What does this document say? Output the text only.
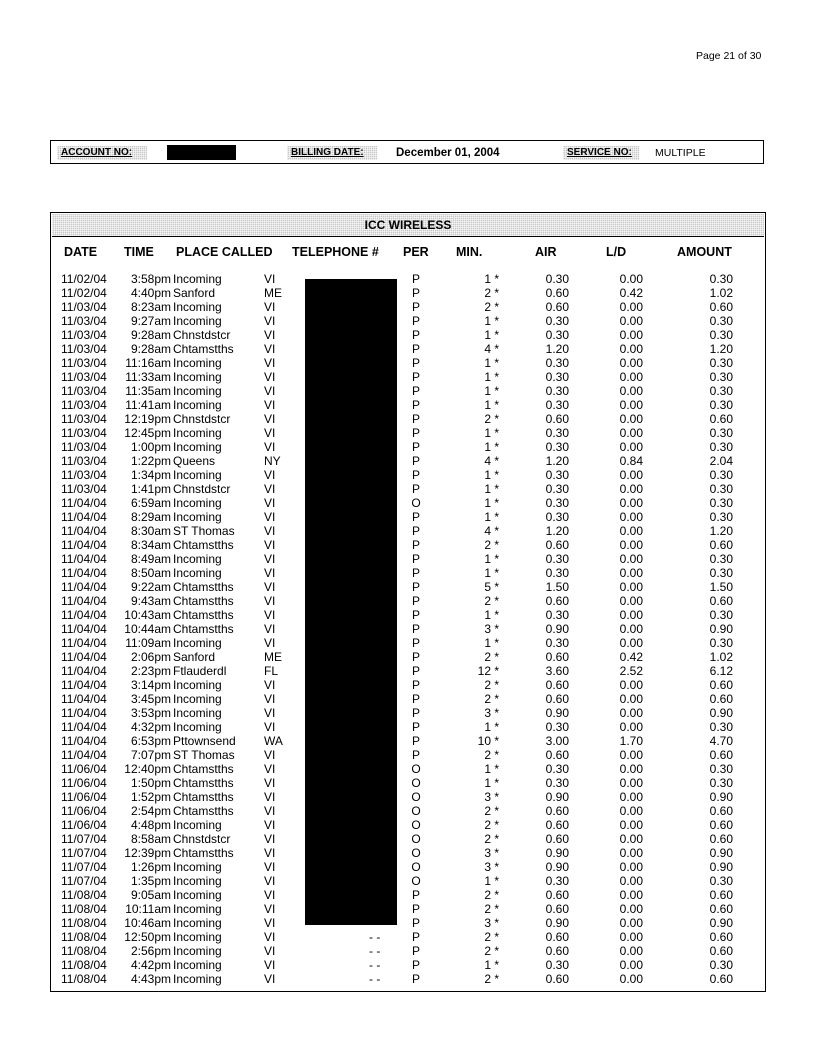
Page 21 of 30
ACCOUNT NO:	BILLING DATE:	December 01, 2004	SERVICE NO:	MULTIPLE
ICC WIRELESS
DATE TIME PLACE CALLED TELEPHONE # PER MIN.	AIR	L/D	AMOUNT
11/02/04	3:58pm Incoming	VI	P	1 *	0.30	0.00	0.30
11/02/04	4:40pm Sanford	ME	P	2 *	0.60	0.42	1.02
11/03/04	8:23am Incoming	VI	P	2 *	0.60	0.00	0.60
11/03/04	9:27am Incoming	VI	P	1 *	0.30	0.00	0.30
11/03/04	9:28am Chnstdstcr	VI	P	1 *	0.30	0.00	0.30
11/03/04	9:28am Chtamstths	VI	P	4 *	1.20	0.00	1.20
11/03/04	11:16am Incoming	VI	P	1 *	0.30	0.00	0.30
11/03/04	11:33am Incoming	VI	P	1 *	0.30	0.00	0.30
11/03/04	11:35am Incoming	VI	P	1 *	0.30	0.00	0.30
11/03/04	11:41am Incoming	VI	P	1 *	0.30	0.00	0.30
11/03/04 12:19pm Chnstdstcr	VI	P	2 *	0.60	0.00	0.60
11/03/04 12:45pm Incoming	VI	P	1 *	0.30	0.00	0.30
11/03/04	1:00pm Incoming	VI	P	1 *	0.30	0.00	0.30
11/03/04	1:22pm Queens	NY	P	4 *	1.20	0.84	2.04
11/03/04	1:34pm Incoming	VI	P	1 *	0.30	0.00	0.30
11/03/04	1:41pm Chnstdstcr	VI	P	1 *	0.30	0.00	0.30
11/04/04	6:59am Incoming	VI	O	1 *	0.30	0.00	0.30
11/04/04	8:29am Incoming	VI	P	1 *	0.30	0.00	0.30
11/04/04	8:30am ST Thomas VI	P	4 *	1.20	0.00	1.20
11/04/04	8:34am Chtamstths	VI	P	2 *	0.60	0.00	0.60
11/04/04	8:49am Incoming	VI	P	1 *	0.30	0.00	0.30
11/04/04	8:50am Incoming	VI	P	1 *	0.30	0.00	0.30
11/04/04	9:22am Chtamstths	VI	P	5 *	1.50	0.00	1.50
11/04/04	9:43am Chtamstths	VI	P	2 *	0.60	0.00	0.60
11/04/04 10:43am Chtamstths	VI	P	1 *	0.30	0.00	0.30
11/04/04 10:44am Chtamstths	VI	P	3 *	0.90	0.00	0.90
11/04/04	11:09am Incoming	VI	P	1 *	0.30	0.00	0.30
11/04/04	2:06pm Sanford	ME	P	2 *	0.60	0.42	1.02
11/04/04	2:23pm Ftlauderdl	FL	P	12 *	3.60	2.52	6.12
11/04/04	3:14pm Incoming	VI	P	2 *	0.60	0.00	0.60
11/04/04	3:45pm Incoming	VI	P	2 *	0.60	0.00	0.60
11/04/04	3:53pm Incoming	VI	P	3 *	0.90	0.00	0.90
11/04/04	4:32pm Incoming	VI	P	1 *	0.30	0.00	0.30
11/04/04	6:53pm Pttownsend WA	P	10 *	3.00	1.70	4.70
11/04/04	7:07pm ST Thomas VI	P	2 *	0.60	0.00	0.60
11/06/04 12:40pm Chtamstths	VI	O	1 *	0.30	0.00	0.30
11/06/04	1:50pm Chtamstths	VI	O	1 *	0.30	0.00	0.30
11/06/04	1:52pm Chtamstths	VI	O	3 *	0.90	0.00	0.90
11/06/04	2:54pm Chtamstths	VI	O	2 *	0.60	0.00	0.60
11/06/04	4:48pm Incoming	VI	O	2 *	0.60	0.00	0.60
11/07/04	8:58am Chnstdstcr	VI	O	2 *	0.60	0.00	0.60
11/07/04 12:39pm Chtamstths	VI	O	3 *	0.90	0.00	0.90
11/07/04	1:26pm Incoming	VI	O	3 *	0.90	0.00	0.90
11/07/04	1:35pm Incoming	VI	O	1 *	0.30	0.00	0.30
11/08/04	9:05am Incoming	VI	P	2 *	0.60	0.00	0.60
11/08/04	10:11am Incoming	VI	P	2 *	0.60	0.00	0.60
11/08/04 10:46am Incoming	VI	P	3 *	0.90	0.00	0.90
11/08/04 12:50pm Incoming	VI	- -	P	2 *	0.60	0.00	0.60
11/08/04	2:56pm Incoming	VI	- -	P	2 *	0.60	0.00	0.60
11/08/04	4:42pm Incoming	VI	- -	P	1 *	0.30	0.00	0.30
11/08/04	4:43pm Incoming	VI	- -	P	2 *	0.60	0.00	0.60
